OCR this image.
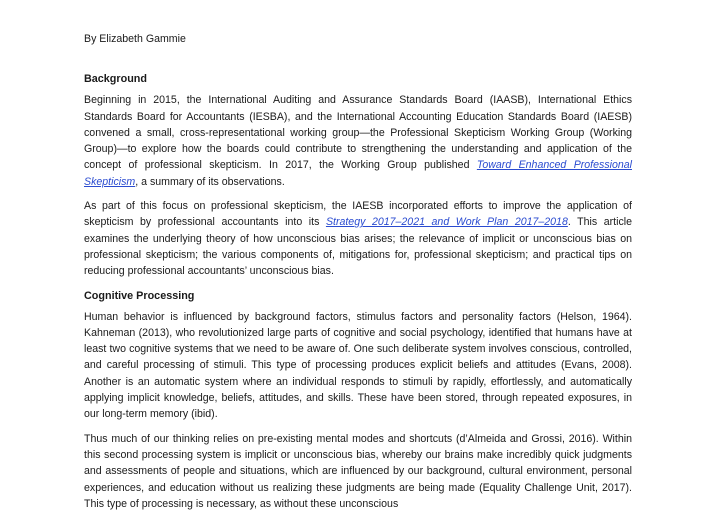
By Elizabeth Gammie
Background

Beginning in 2015, the International Auditing and Assurance Standards Board (IAASB), International Ethics Standards Board for Accountants (IESBA), and the International Accounting Education Standards Board (IAESB) convened a small, cross-representational working group—the Professional Skepticism Working Group (Working Group)—to explore how the boards could contribute to strengthening the understanding and application of the concept of professional skepticism. In 2017, the Working Group published Toward Enhanced Professional Skepticism, a summary of its observations.

As part of this focus on professional skepticism, the IAESB incorporated efforts to improve the application of skepticism by professional accountants into its Strategy 2017–2021 and Work Plan 2017–2018. This article examines the underlying theory of how unconscious bias arises; the relevance of implicit or unconscious bias on professional skepticism; the various components of, mitigations for, professional skepticism; and practical tips on reducing professional accountants’ unconscious bias.

Cognitive Processing

Human behavior is influenced by background factors, stimulus factors and personality factors (Helson, 1964). Kahneman (2013), who revolutionized large parts of cognitive and social psychology, identified that humans have at least two cognitive systems that we need to be aware of. One such deliberate system involves conscious, controlled, and careful processing of stimuli. This type of processing produces explicit beliefs and attitudes (Evans, 2008). Another is an automatic system where an individual responds to stimuli by rapidly, effortlessly, and automatically applying implicit knowledge, beliefs, attitudes, and skills. These have been stored, through repeated exposures, in our long-term memory (ibid).

Thus much of our thinking relies on pre-existing mental modes and shortcuts (d’Almeida and Grossi, 2016). Within this second processing system is implicit or unconscious bias, whereby our brains make incredibly quick judgments and assessments of people and situations, which are influenced by our background, cultural environment, personal experiences, and education without us realizing these judgments are being made (Equality Challenge Unit, 2017). This type of processing is necessary, as without these unconscious
